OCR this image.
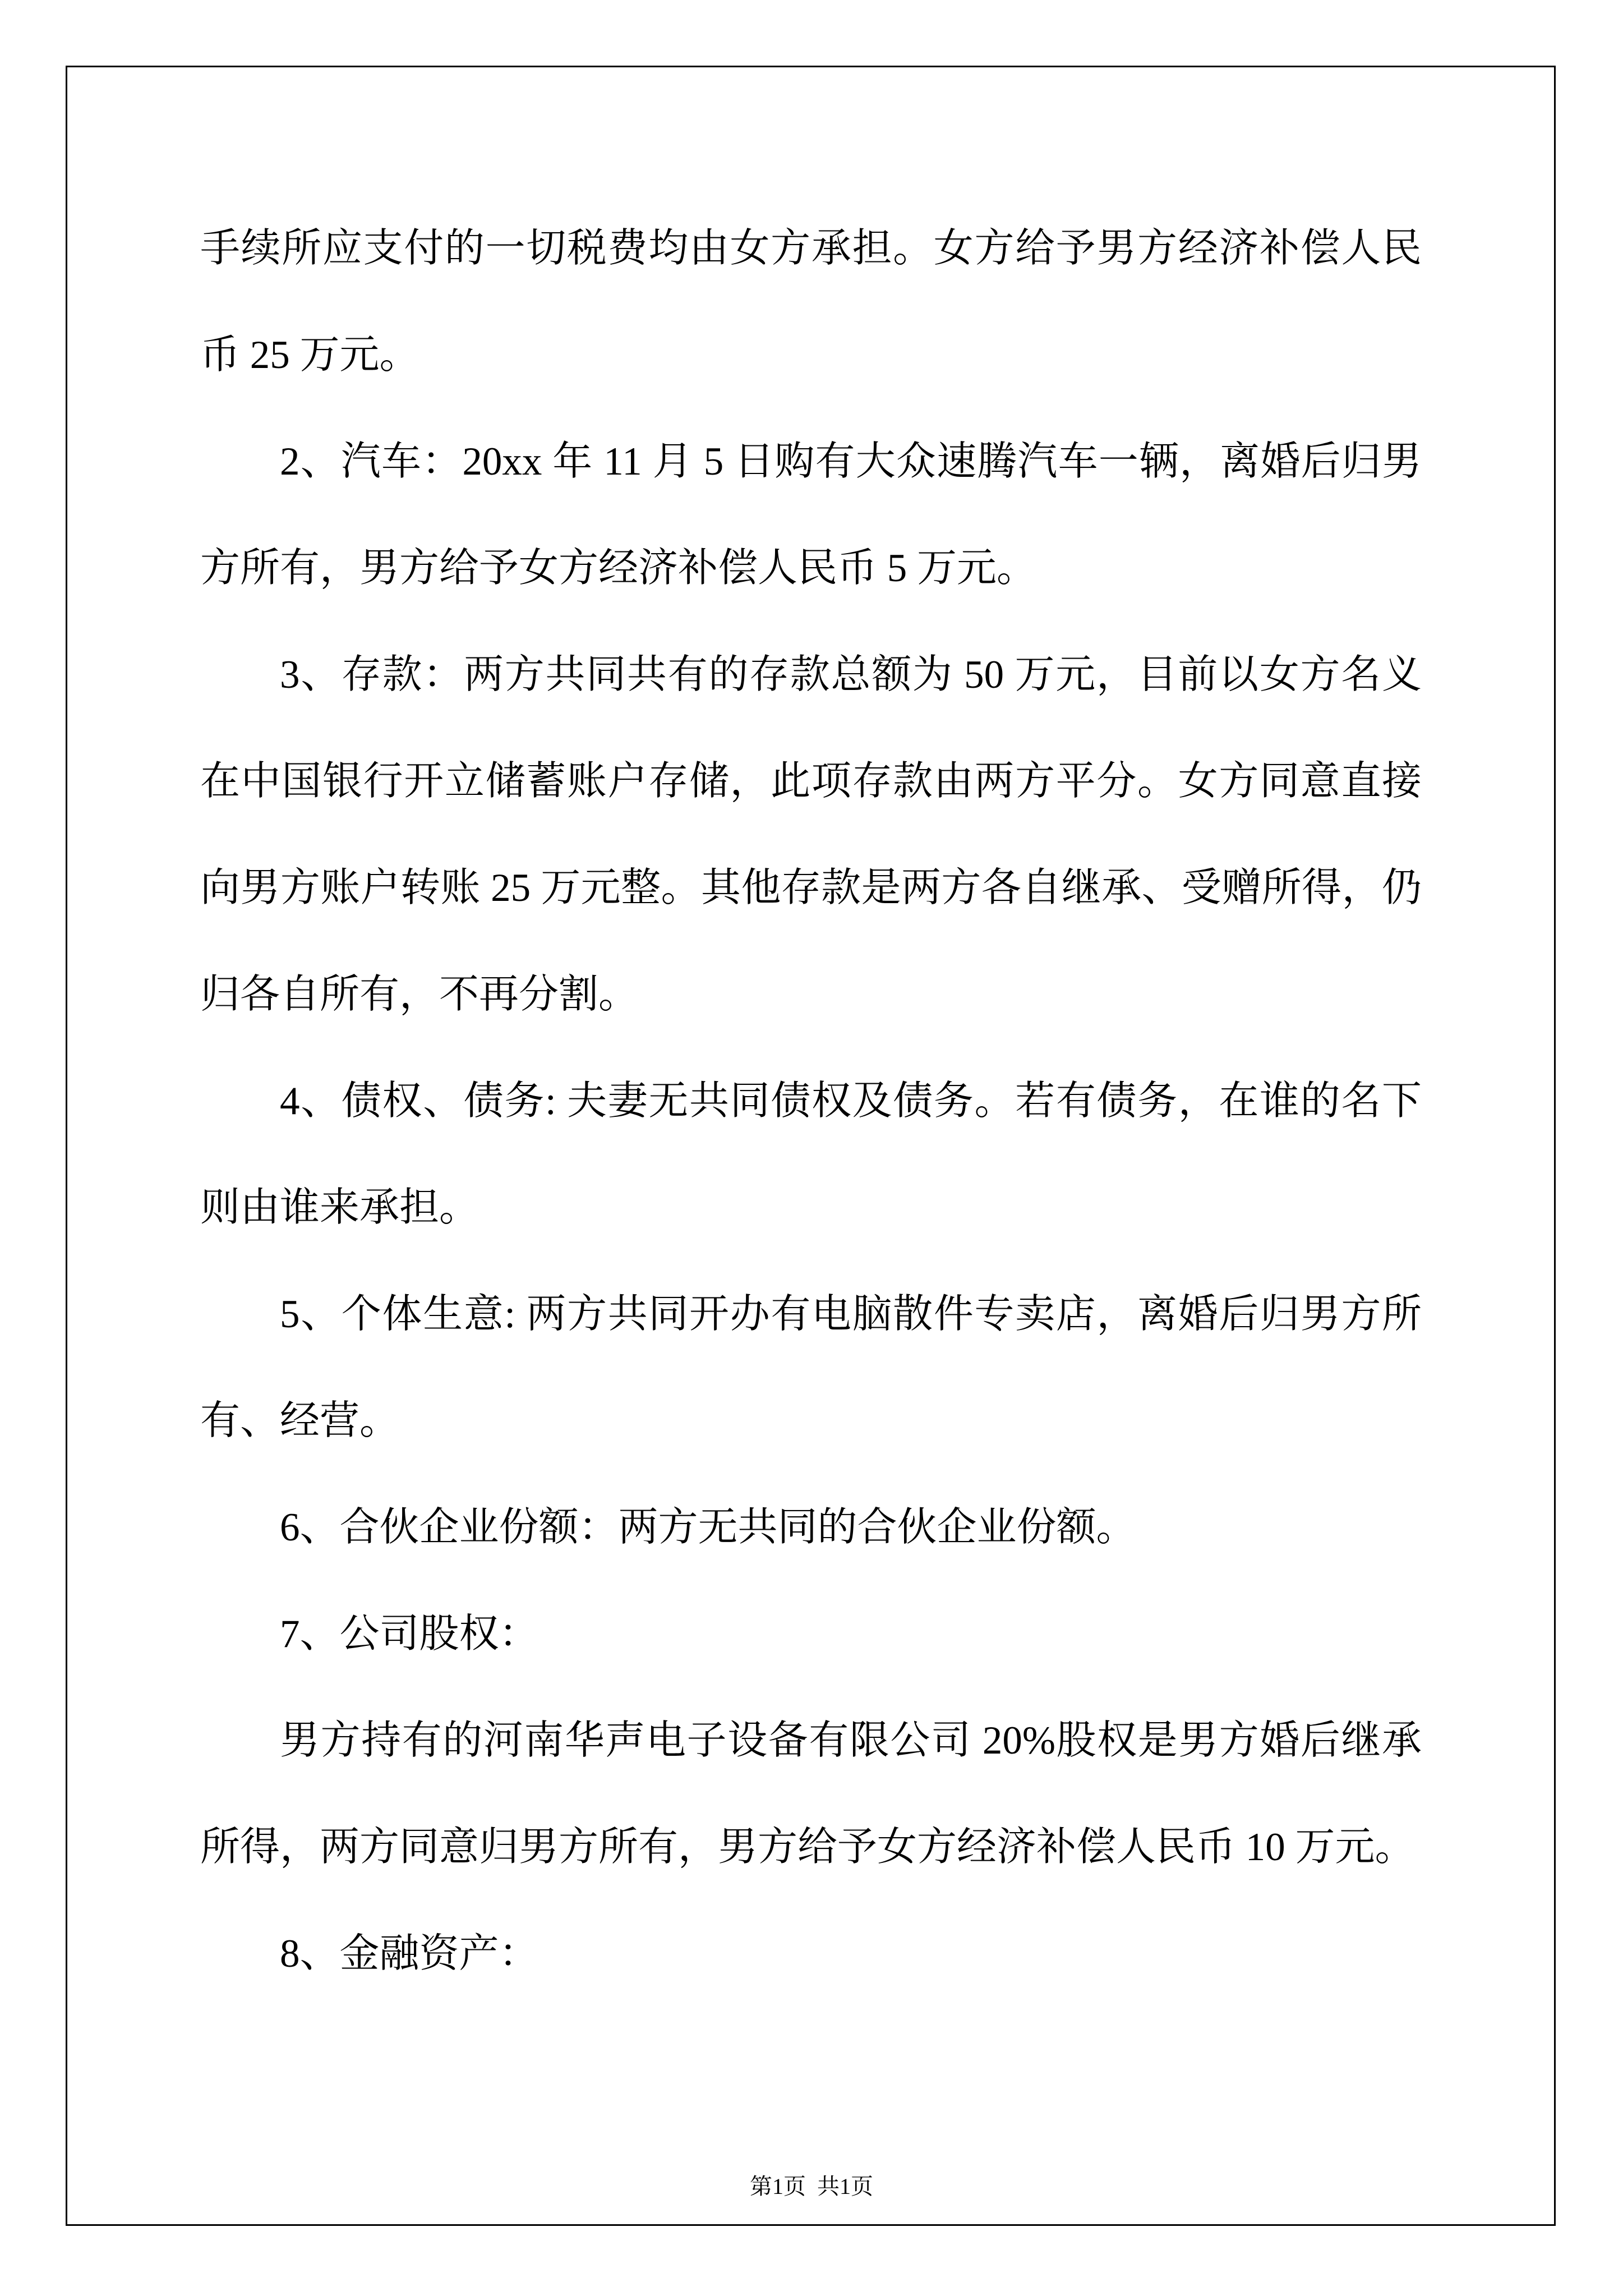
手续所应支付的一切税费均由女方承担。女方给予男方经济补偿人民
币 25 万元。
2、汽车：20xx 年 11 月 5 日购有大众速腾汽车一辆，离婚后归男
方所有，男方给予女方经济补偿人民币 5 万元。
3、存款：两方共同共有的存款总额为 50 万元，目前以女方名义
在中国银行开立储蓄账户存储，此项存款由两方平分。女方同意直接
向男方账户转账 25 万元整。其他存款是两方各自继承、受赠所得，仍
归各自所有，不再分割。
4、债权、债务: 夫妻无共同债权及债务。若有债务，在谁的名下
则由谁来承担。
5、个体生意: 两方共同开办有电脑散件专卖店，离婚后归男方所
有、经营。
6、合伙企业份额：两方无共同的合伙企业份额。
7、公司股权：
男方持有的河南华声电子设备有限公司 20%股权是男方婚后继承
所得，两方同意归男方所有，男方给予女方经济补偿人民币 10 万元。
8、金融资产：
第1页  共1页
